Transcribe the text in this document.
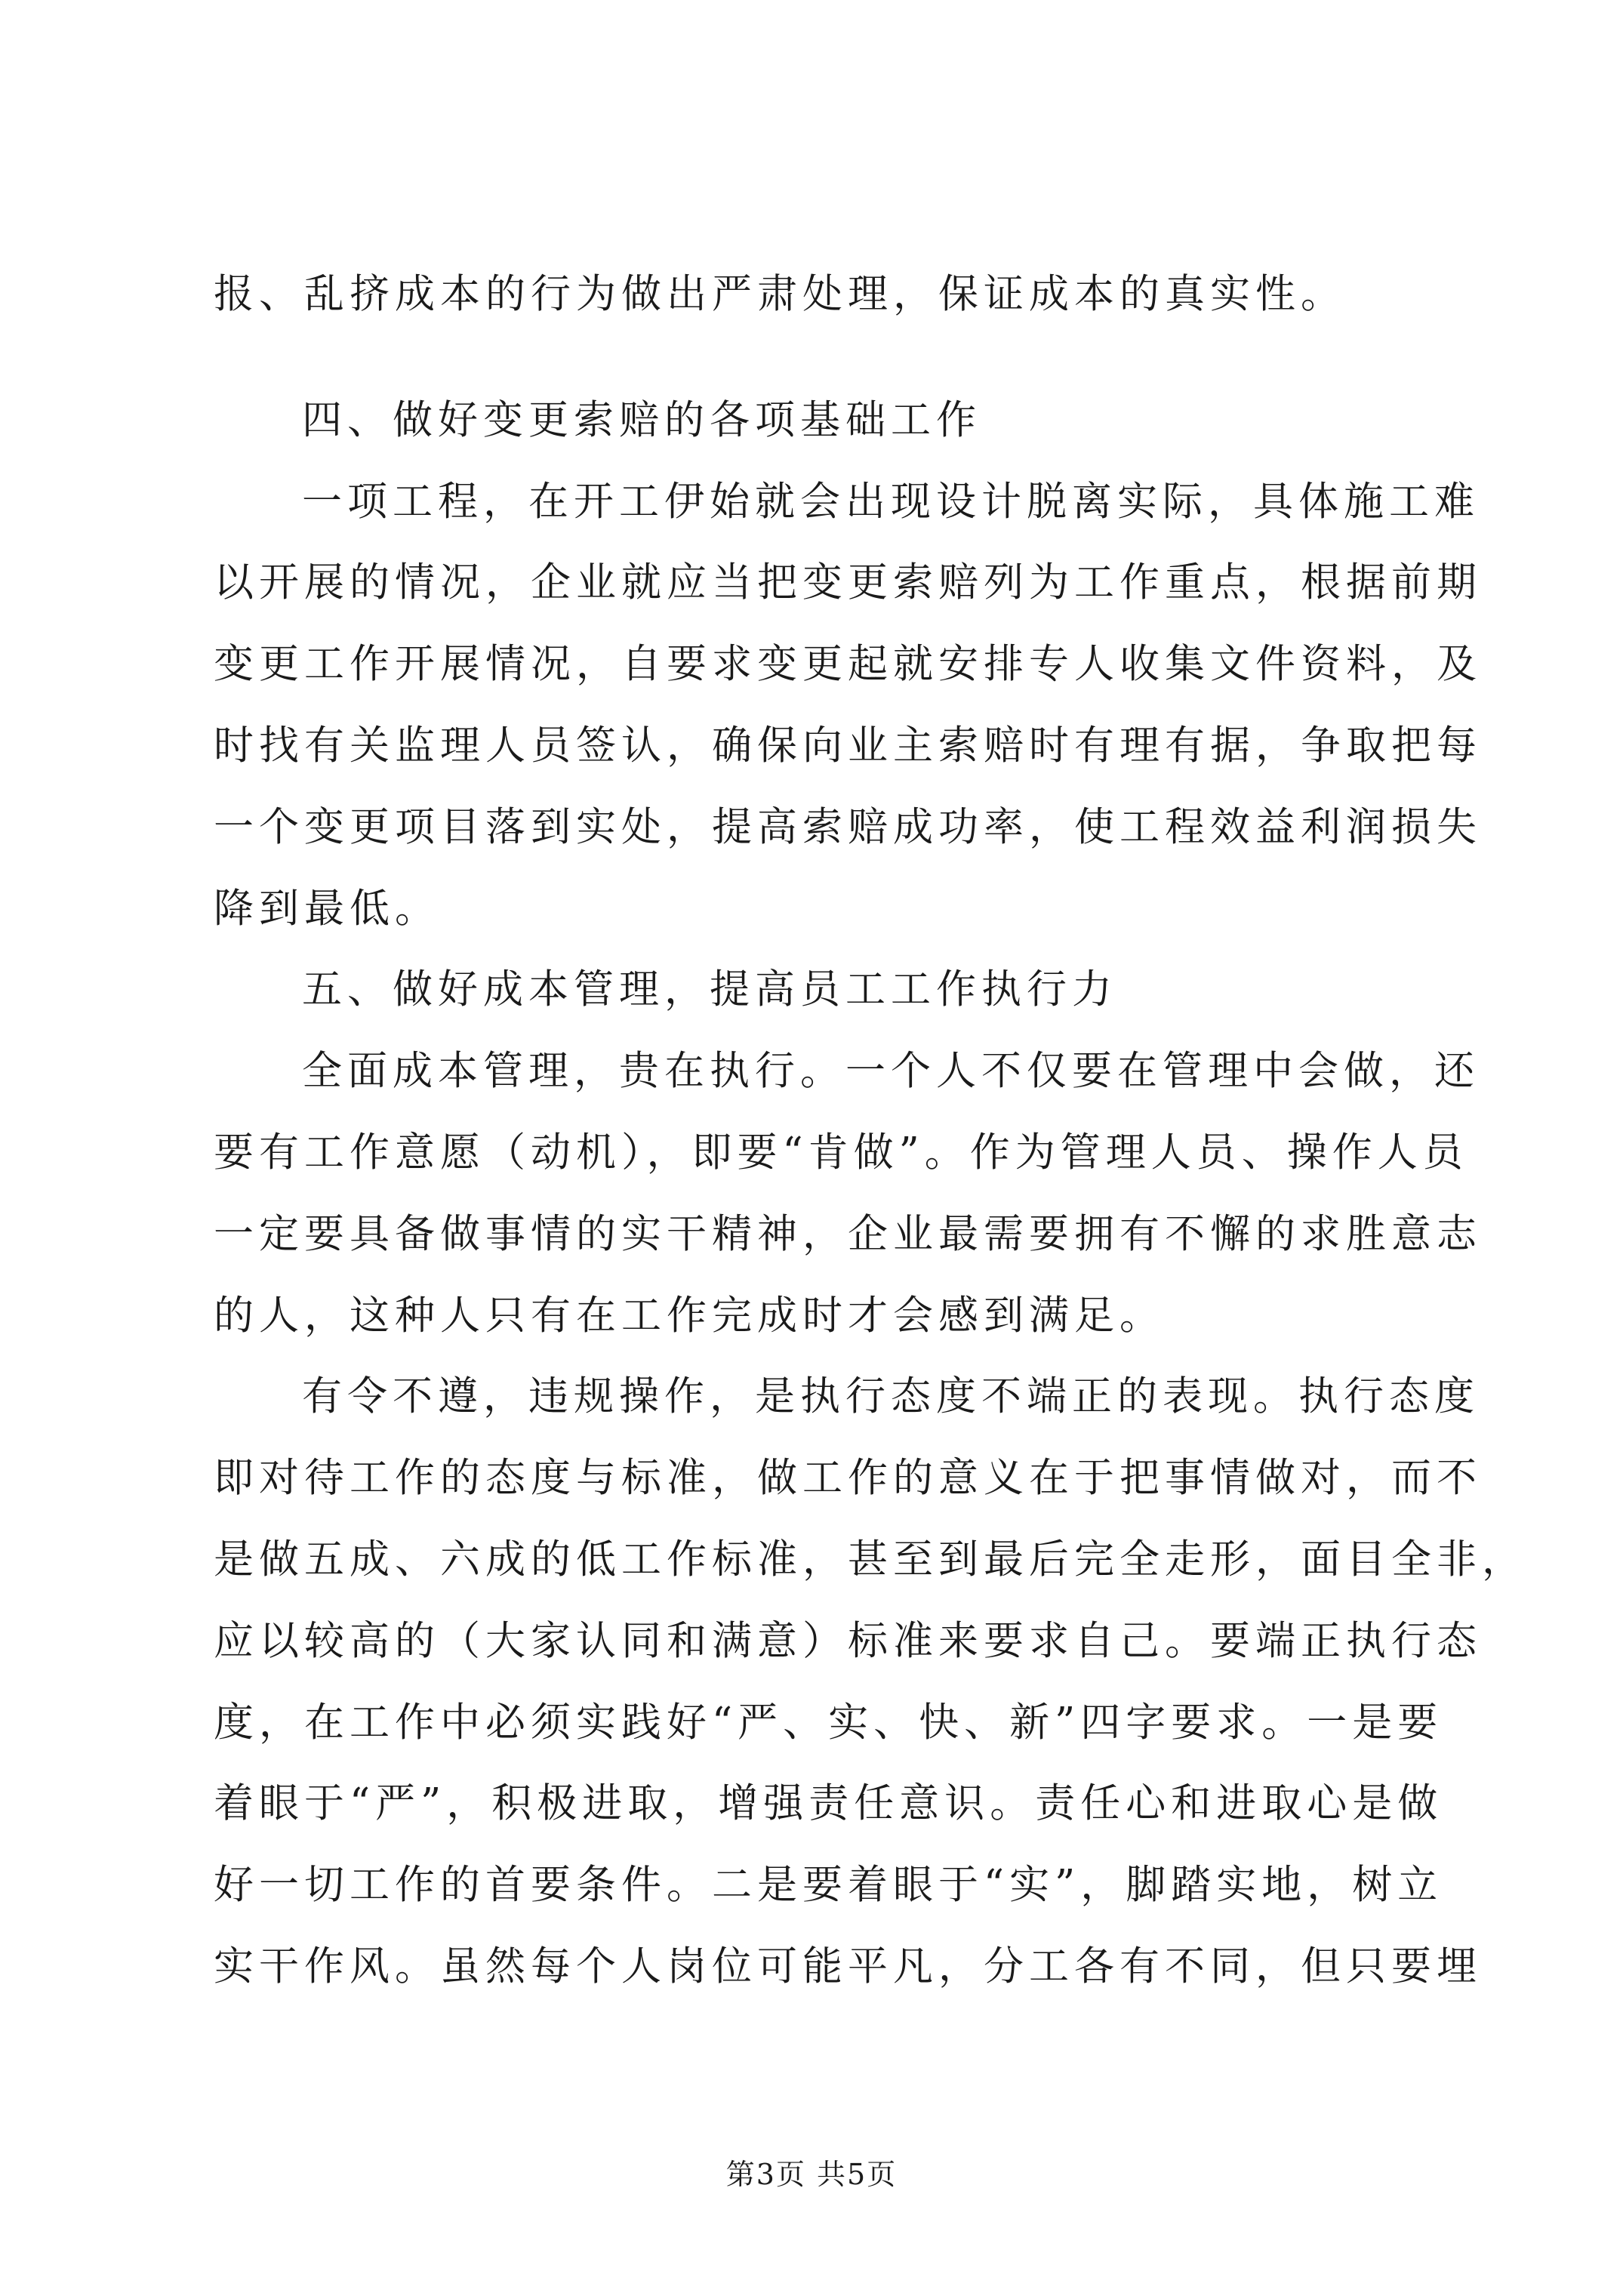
报、乱挤成本的行为做出严肃处理，保证成本的真实性。
四、做好变更索赔的各项基础工作
一项工程，在开工伊始就会出现设计脱离实际，具体施工难
以开展的情况，企业就应当把变更索赔列为工作重点，根据前期
变更工作开展情况，自要求变更起就安排专人收集文件资料，及
时找有关监理人员签认，确保向业主索赔时有理有据，争取把每
一个变更项目落到实处，提高索赔成功率，使工程效益利润损失
降到最低。
五、做好成本管理，提高员工工作执行力
全面成本管理，贵在执行。一个人不仅要在管理中会做，还
要有工作意愿（动机），即要“肯做”。作为管理人员、操作人员
一定要具备做事情的实干精神，企业最需要拥有不懈的求胜意志
的人，这种人只有在工作完成时才会感到满足。
有令不遵，违规操作，是执行态度不端正的表现。执行态度
即对待工作的态度与标准，做工作的意义在于把事情做对，而不
是做五成、六成的低工作标准，甚至到最后完全走形，面目全非，
应以较高的（大家认同和满意）标准来要求自己。要端正执行态
度，在工作中必须实践好“严、实、快、新”四字要求。一是要
着眼于“严”，积极进取，增强责任意识。责任心和进取心是做
好一切工作的首要条件。二是要着眼于“实”，脚踏实地，树立
实干作风。虽然每个人岗位可能平凡，分工各有不同，但只要埋
第3页 共5页
